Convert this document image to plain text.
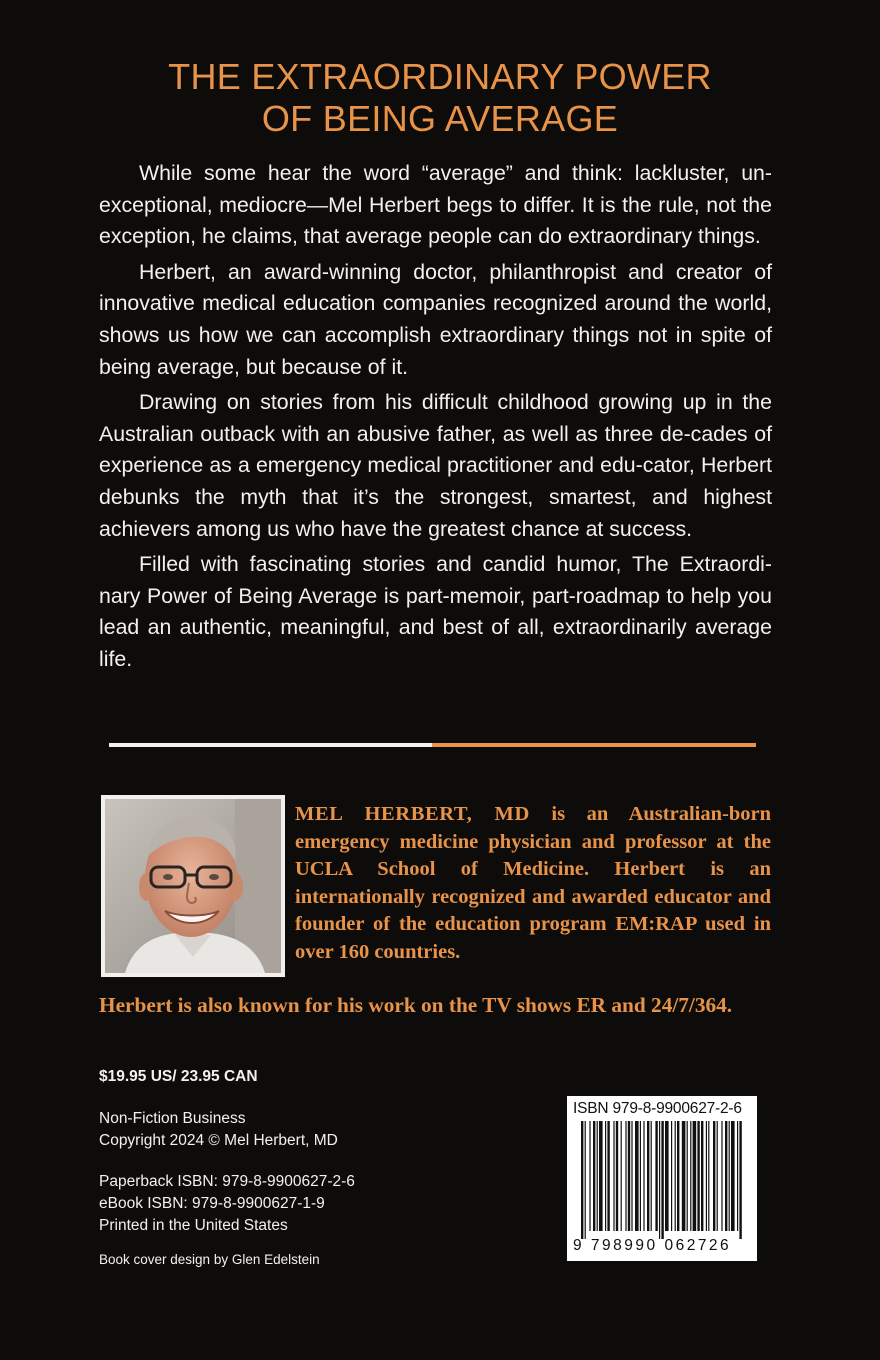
THE EXTRAORDINARY POWER
OF BEING AVERAGE

While some hear the word “average” and think: lackluster, un-exceptional, mediocre—Mel Herbert begs to differ. It is the rule, not the exception, he claims, that average people can do extraordinary things.

Herbert, an award-winning doctor, philanthropist and creator of innovative medical education companies recognized around the world, shows us how we can accomplish extraordinary things not in spite of being average, but because of it.

Drawing on stories from his difficult childhood growing up in the Australian outback with an abusive father, as well as three de-cades of experience as a emergency medical practitioner and edu-cator, Herbert debunks the myth that it’s the strongest, smartest, and highest achievers among us who have the greatest chance at success.

Filled with fascinating stories and candid humor, The Extraordi-nary Power of Being Average is part-memoir, part-roadmap to help you lead an authentic, meaningful, and best of all, extraordinarily average life.

MEL HERBERT, MD is an Australian-born emergency medicine physician and professor at the UCLA School of Medicine. Herbert is an internationally recognized and awarded educator and founder of the education program EM:RAP used in over 160 countries.
Herbert is also known for his work on the TV shows ER and 24/7/364.
$19.95 US/ 23.95 CAN
Non-Fiction Business
Copyright 2024 © Mel Herbert, MD
Paperback ISBN: 979-8-9900627-2-6
eBook ISBN: 979-8-9900627-1-9
Printed in the United States
Book cover design by Glen Edelstein
ISBN 979-8-9900627-2-6
9 798990 062726
